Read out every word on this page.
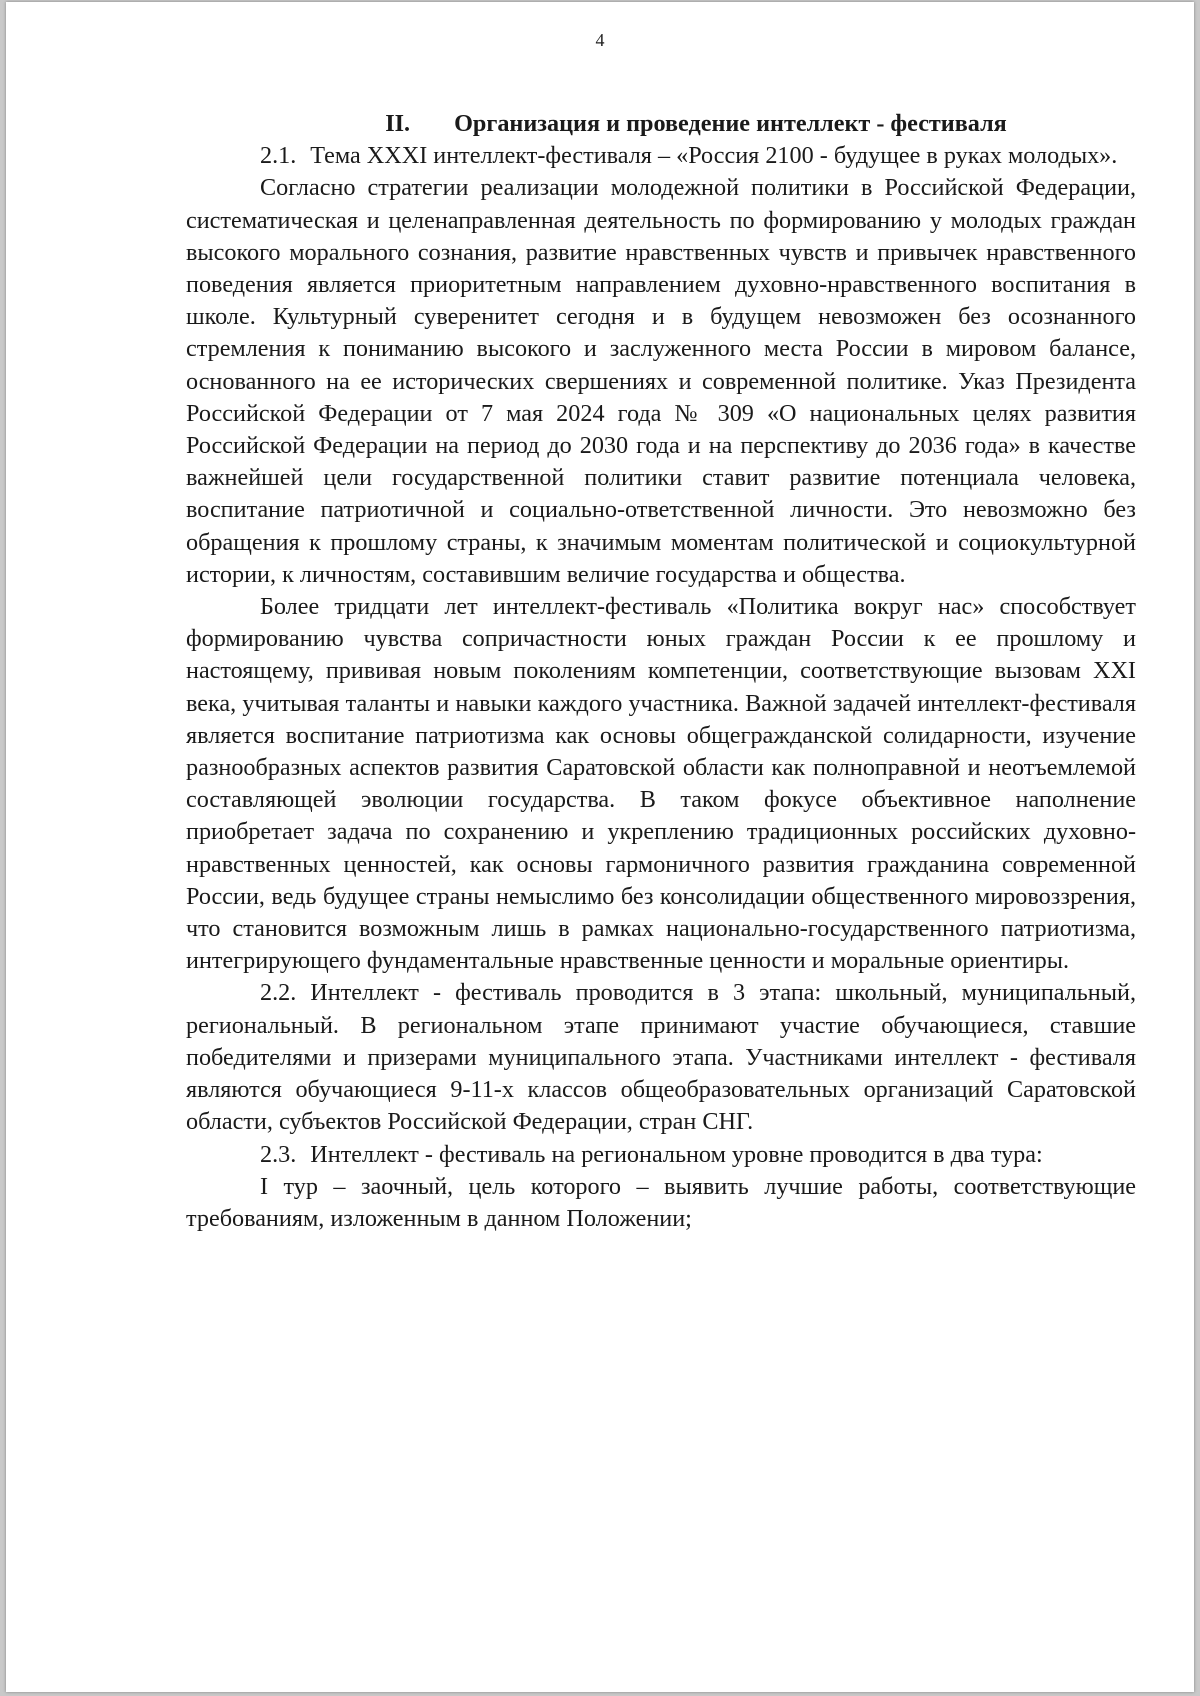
4

II. Организация и проведение интеллект - фестиваля

2.1. Тема XXXI интеллект-фестиваля – «Россия 2100 - будущее в руках молодых».

Согласно стратегии реализации молодежной политики в Российской Федерации, систематическая и целенаправленная деятельность по формированию у молодых граждан высокого морального сознания, развитие нравственных чувств и привычек нравственного поведения является приоритетным направлением духовно-нравственного воспитания в школе. Культурный суверенитет сегодня и в будущем невозможен без осознанного стремления к пониманию высокого и заслуженного места России в мировом балансе, основанного на ее исторических свершениях и современной политике. Указ Президента Российской Федерации от 7 мая 2024 года № 309 «О национальных целях развития Российской Федерации на период до 2030 года и на перспективу до 2036 года» в качестве важнейшей цели государственной политики ставит развитие потенциала человека, воспитание патриотичной и социально-ответственной личности. Это невозможно без обращения к прошлому страны, к значимым моментам политической и социокультурной истории, к личностям, составившим величие государства и общества.

Более тридцати лет интеллект-фестиваль «Политика вокруг нас» способствует формированию чувства сопричастности юных граждан России к ее прошлому и настоящему, прививая новым поколениям компетенции, соответствующие вызовам XXI века, учитывая таланты и навыки каждого участника. Важной задачей интеллект-фестиваля является воспитание патриотизма как основы общегражданской солидарности, изучение разнообразных аспектов развития Саратовской области как полноправной и неотъемлемой составляющей эволюции государства. В таком фокусе объективное наполнение приобретает задача по сохранению и укреплению традиционных российских духовно-нравственных ценностей, как основы гармоничного развития гражданина современной России, ведь будущее страны немыслимо без консолидации общественного мировоззрения, что становится возможным лишь в рамках национально-государственного патриотизма, интегрирующего фундаментальные нравственные ценности и моральные ориентиры.

2.2. Интеллект - фестиваль проводится в 3 этапа: школьный, муниципальный, региональный. В региональном этапе принимают участие обучающиеся, ставшие победителями и призерами муниципального этапа. Участниками интеллект - фестиваля являются обучающиеся 9-11-х классов общеобразовательных организаций Саратовской области, субъектов Российской Федерации, стран СНГ.

2.3. Интеллект - фестиваль на региональном уровне проводится в два тура:

I тур – заочный, цель которого – выявить лучшие работы, соответствующие требованиям, изложенным в данном Положении;
